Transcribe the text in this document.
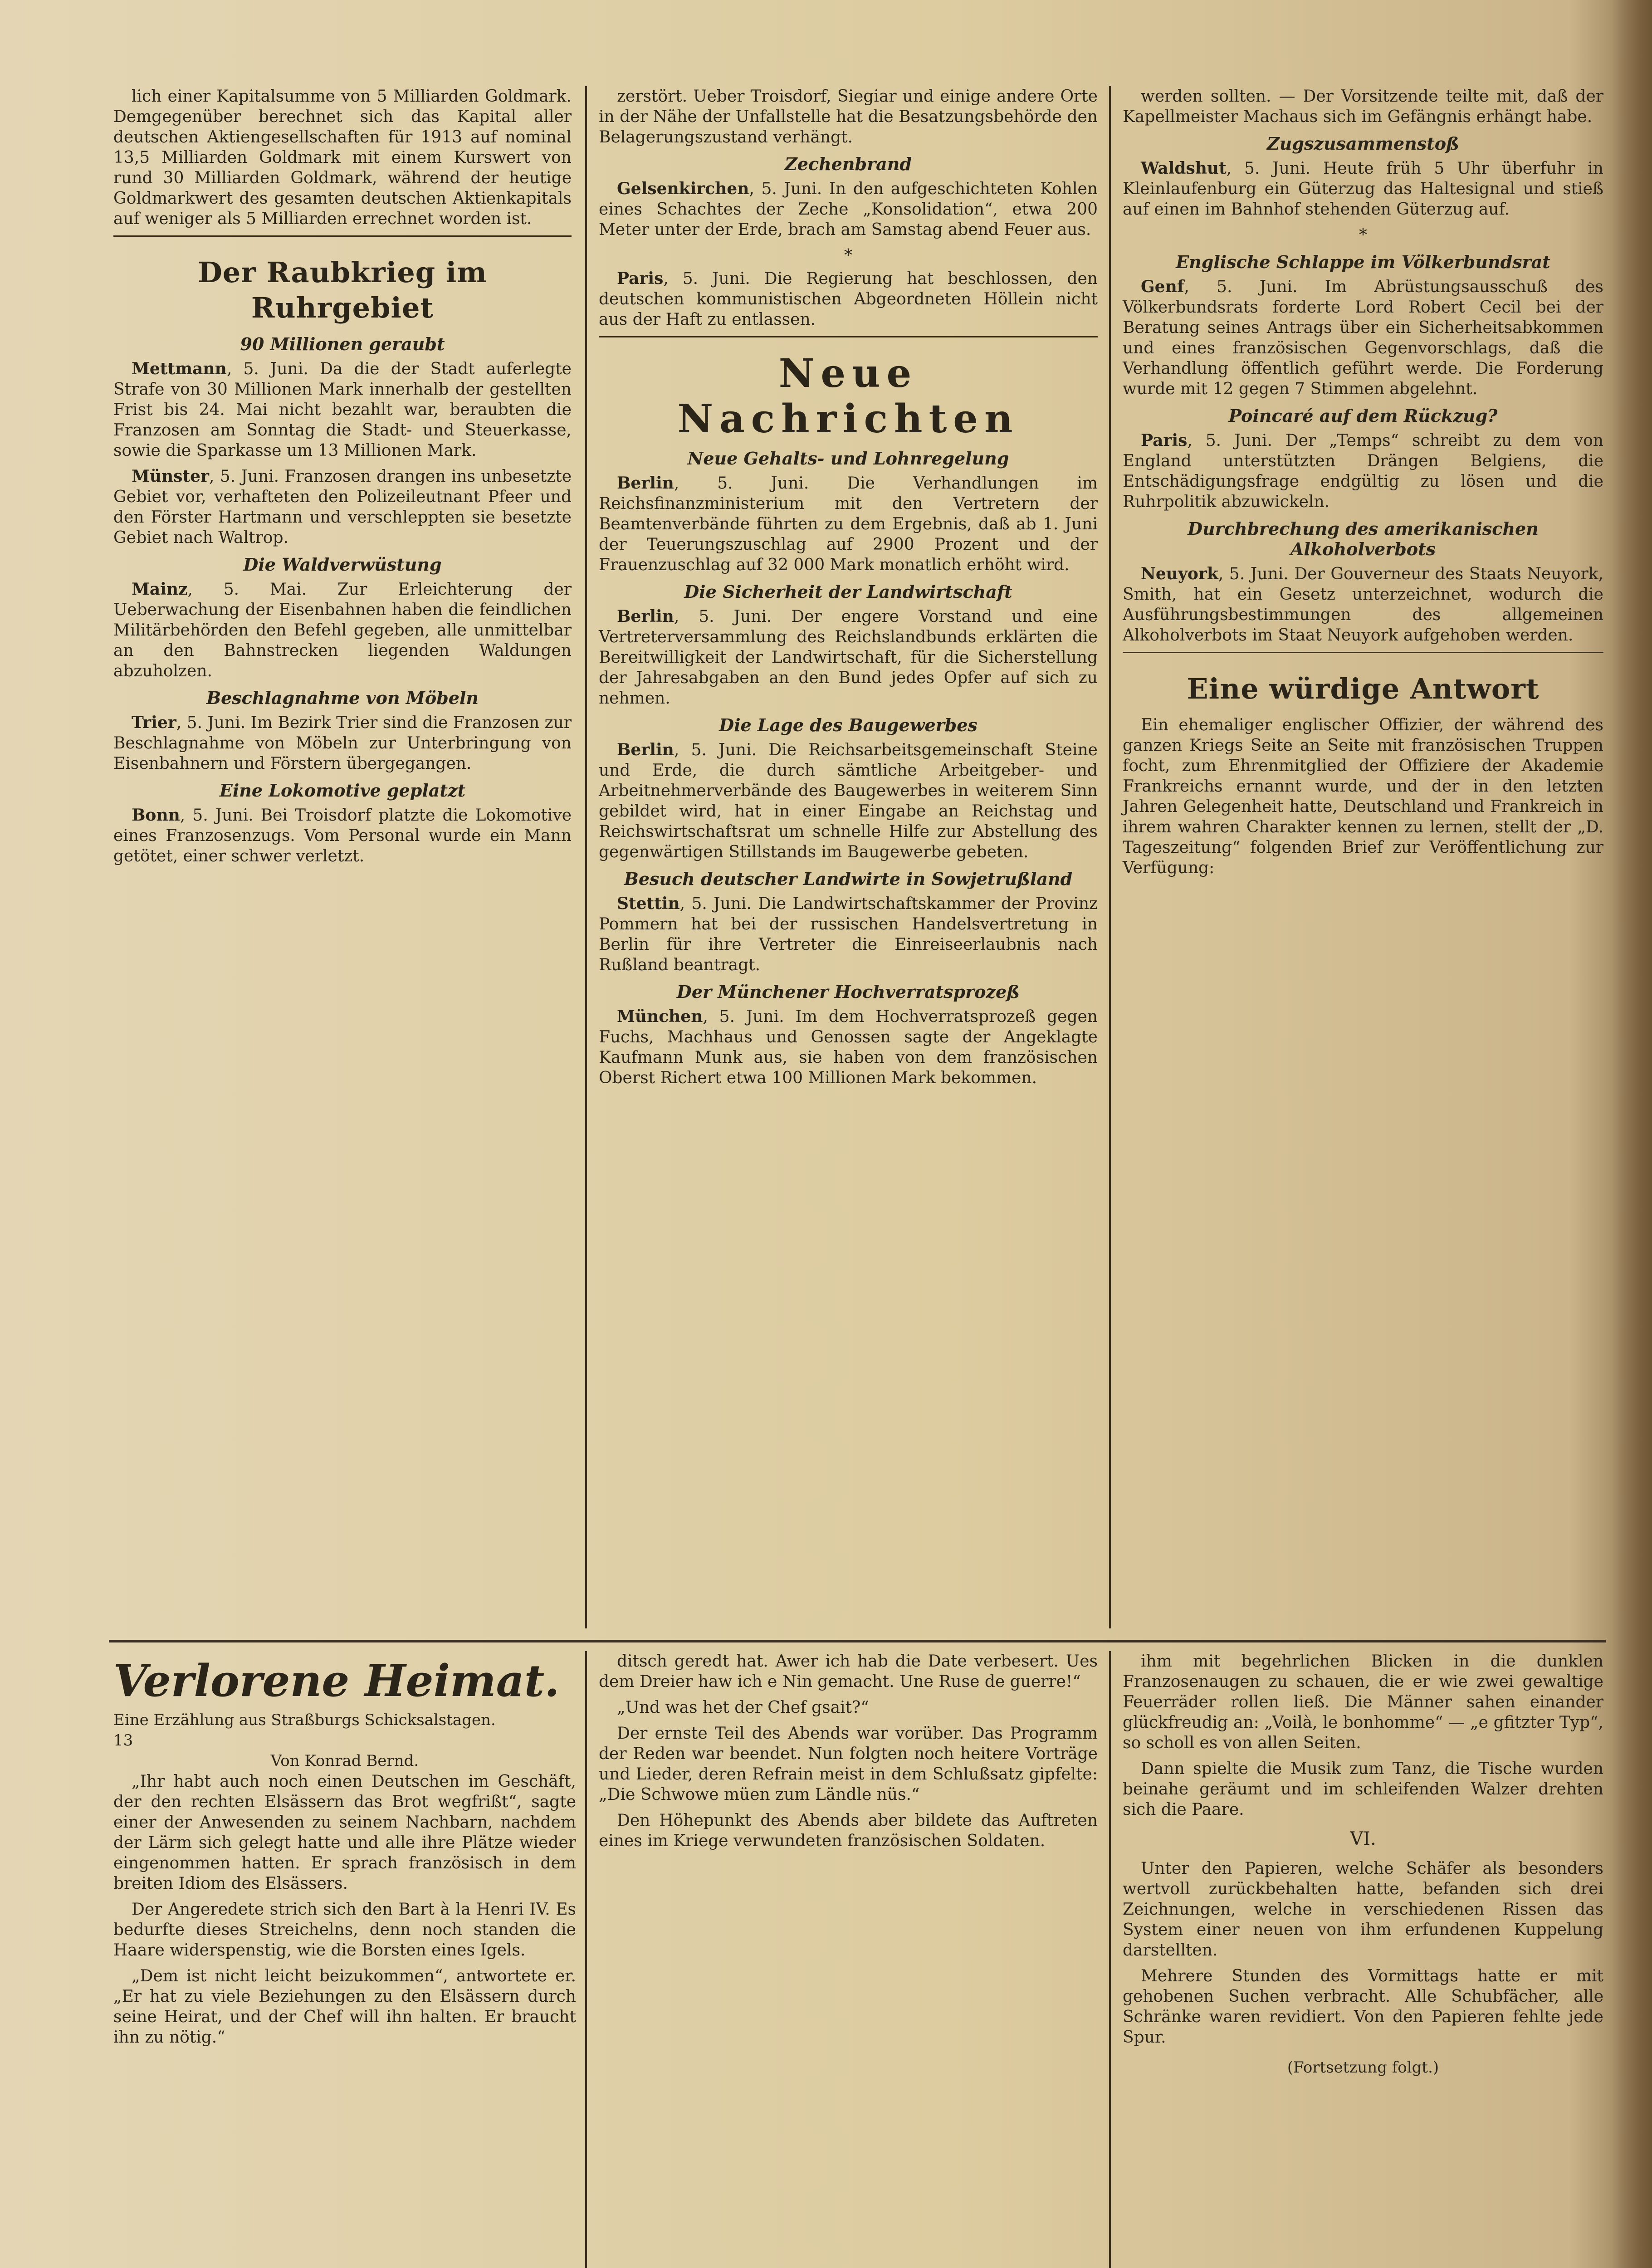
lich einer Kapitalsumme von 5 Milliarden Goldmark. Demgegenüber berechnet sich das Kapital aller deutschen Aktiengesellschaften für 1913 auf nominal 13,5 Milliarden Goldmark mit einem Kurswert von rund 30 Milliarden Goldmark, während der heutige Goldmarkwert des gesamten deutschen Aktienkapitals auf weniger als 5 Milliarden errechnet worden ist.

Der Raubkrieg im Ruhrgebiet
90 Millionen geraubt

Mettmann, 5. Juni. Da die der Stadt auferlegte Strafe von 30 Millionen Mark innerhalb der gestellten Frist bis 24. Mai nicht bezahlt war, beraubten die Franzosen am Sonntag die Stadt- und Steuerkasse, sowie die Sparkasse um 13 Millionen Mark.

Münster, 5. Juni. Franzosen drangen ins unbesetzte Gebiet vor, verhafteten den Polizeileutnant Pfeer und den Förster Hartmann und verschleppten sie besetzte Gebiet nach Waltrop.

Die Waldverwüstung

Mainz, 5. Mai. Zur Erleichterung der Ueberwachung der Eisenbahnen haben die feindlichen Militärbehörden den Befehl gegeben, alle unmittelbar an den Bahnstrecken liegenden Waldungen abzuholzen.

Beschlagnahme von Möbeln

Trier, 5. Juni. Im Bezirk Trier sind die Franzosen zur Beschlagnahme von Möbeln zur Unterbringung von Eisenbahnern und Förstern übergegangen.

Eine Lokomotive geplatzt

Bonn, 5. Juni. Bei Troisdorf platzte die Lokomotive eines Franzosenzugs. Vom Personal wurde ein Mann getötet, einer schwer verletzt.

zerstört. Ueber Troisdorf, Siegiar und einige andere Orte in der Nähe der Unfallstelle hat die Besatzungsbehörde den Belagerungszustand verhängt.

Zechenbrand

Gelsenkirchen, 5. Juni. In den aufgeschichteten Kohlen eines Schachtes der Zeche „Konsolidation“, etwa 200 Meter unter der Erde, brach am Samstag abend Feuer aus.

*

Paris, 5. Juni. Die Regierung hat beschlossen, den deutschen kommunistischen Abgeordneten Höllein nicht aus der Haft zu entlassen.

Neue Nachrichten
Neue Gehalts- und Lohnregelung

Berlin, 5. Juni. Die Verhandlungen im Reichsfinanzministerium mit den Vertretern der Beamtenverbände führten zu dem Ergebnis, daß ab 1. Juni der Teuerungszuschlag auf 2900 Prozent und der Frauenzuschlag auf 32 000 Mark monatlich erhöht wird.

Die Sicherheit der Landwirtschaft

Berlin, 5. Juni. Der engere Vorstand und eine Vertreterversammlung des Reichslandbunds erklärten die Bereitwilligkeit der Landwirtschaft, für die Sicherstellung der Jahresabgaben an den Bund jedes Opfer auf sich zu nehmen.

Die Lage des Baugewerbes

Berlin, 5. Juni. Die Reichsarbeitsgemeinschaft Steine und Erde, die durch sämtliche Arbeitgeber- und Arbeitnehmerverbände des Baugewerbes in weiterem Sinn gebildet wird, hat in einer Eingabe an Reichstag und Reichswirtschaftsrat um schnelle Hilfe zur Abstellung des gegenwärtigen Stillstands im Baugewerbe gebeten.

Besuch deutscher Landwirte in Sowjetrußland

Stettin, 5. Juni. Die Landwirtschaftskammer der Provinz Pommern hat bei der russischen Handelsvertretung in Berlin für ihre Vertreter die Einreiseerlaubnis nach Rußland beantragt.

Der Münchener Hochverratsprozeß

München, 5. Juni. Im dem Hochverratsprozeß gegen Fuchs, Machhaus und Genossen sagte der Angeklagte Kaufmann Munk aus, sie haben von dem französischen Oberst Richert etwa 100 Millionen Mark bekommen.

werden sollten. — Der Vorsitzende teilte mit, daß der Kapellmeister Machaus sich im Gefängnis erhängt habe.

Zugszusammenstoß

Waldshut, 5. Juni. Heute früh 5 Uhr überfuhr in Kleinlaufenburg ein Güterzug das Haltesignal und stieß auf einen im Bahnhof stehenden Güterzug auf.

*
Englische Schlappe im Völkerbundsrat

Genf, 5. Juni. Im Abrüstungsausschuß des Völkerbundsrats forderte Lord Robert Cecil bei der Beratung seines Antrags über ein Sicherheitsabkommen und eines französischen Gegenvorschlags, daß die Verhandlung öffentlich geführt werde. Die Forderung wurde mit 12 gegen 7 Stimmen abgelehnt.

Poincaré auf dem Rückzug?

Paris, 5. Juni. Der „Temps“ schreibt zu dem von England unterstützten Drängen Belgiens, die Entschädigungsfrage endgültig zu lösen und die Ruhrpolitik abzuwickeln.

Durchbrechung des amerikanischen Alkoholverbots

Neuyork, 5. Juni. Der Gouverneur des Staats Neuyork, Smith, hat ein Gesetz unterzeichnet, wodurch die Ausführungsbestimmungen des allgemeinen Alkoholverbots im Staat Neuyork aufgehoben werden.

Eine würdige Antwort

Ein ehemaliger englischer Offizier, der während des ganzen Kriegs Seite an Seite mit französischen Truppen focht, zum Ehrenmitglied der Offiziere der Akademie Frankreichs ernannt wurde, und der in den letzten Jahren Gelegenheit hatte, Deutschland und Frankreich in ihrem wahren Charakter kennen zu lernen, stellt der „D. Tageszeitung“ folgenden Brief zur Veröffentlichung zur Verfügung:

Verlorene Heimat.
Eine Erzählung aus Straßburgs Schicksalstagen.
13
Von Konrad Bernd.

„Ihr habt auch noch einen Deutschen im Geschäft, der den rechten Elsässern das Brot wegfrißt“, sagte einer der Anwesenden zu seinem Nachbarn, nachdem der Lärm sich gelegt hatte und alle ihre Plätze wieder eingenommen hatten. Er sprach französisch in dem breiten Idiom des Elsässers.

Der Angeredete strich sich den Bart à la Henri IV. Es bedurfte dieses Streichelns, denn noch standen die Haare widerspenstig, wie die Borsten eines Igels.

„Dem ist nicht leicht beizukommen“, antwortete er. „Er hat zu viele Beziehungen zu den Elsässern durch seine Heirat, und der Chef will ihn halten. Er braucht ihn zu nötig.“

ditsch geredt hat. Awer ich hab die Date verbesert. Ues dem Dreier haw ich e Nin gemacht. Une Ruse de guerre!“

„Und was het der Chef gsait?“

Der ernste Teil des Abends war vorüber. Das Programm der Reden war beendet. Nun folgten noch heitere Vorträge und Lieder, deren Refrain meist in dem Schlußsatz gipfelte: „Die Schwowe müen zum Ländle nüs.“

Den Höhepunkt des Abends aber bildete das Auftreten eines im Kriege verwundeten französischen Soldaten.

ihm mit begehrlichen Blicken in die dunklen Franzosenaugen zu schauen, die er wie zwei gewaltige Feuerräder rollen ließ. Die Männer sahen einander glückfreudig an: „Voilà, le bonhomme“ — „e gfitzter Typ“, so scholl es von allen Seiten.

Dann spielte die Musik zum Tanz, die Tische wurden beinahe geräumt und im schleifenden Walzer drehten sich die Paare.

VI.

Unter den Papieren, welche Schäfer als besonders wertvoll zurückbehalten hatte, befanden sich drei Zeichnungen, welche in verschiedenen Rissen das System einer neuen von ihm erfundenen Kuppelung darstellten.

Mehrere Stunden des Vormittags hatte er mit gehobenen Suchen verbracht. Alle Schubfächer, alle Schränke waren revidiert. Von den Papieren fehlte jede Spur.

(Fortsetzung folgt.)
